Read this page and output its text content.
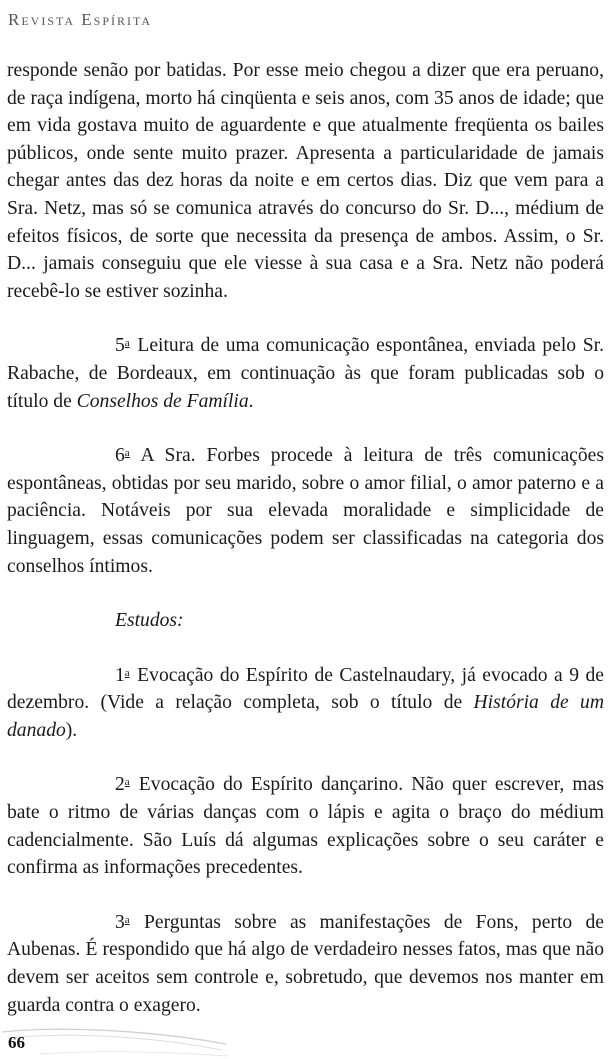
Revista Espírita

responde senão por batidas. Por esse meio chegou a dizer que era peruano, de raça indígena, morto há cinqüenta e seis anos, com 35 anos de idade; que em vida gostava muito de aguardente e que atualmente freqüenta os bailes públicos, onde sente muito prazer. Apresenta a particularidade de jamais chegar antes das dez horas da noite e em certos dias. Diz que vem para a Sra. Netz, mas só se comunica através do concurso do Sr. D..., médium de efeitos físicos, de sorte que necessita da presença de ambos. Assim, o Sr. D... jamais conseguiu que ele viesse à sua casa e a Sra. Netz não poderá recebê-lo se estiver sozinha.

5$^a$ Leitura de uma comunicação espontânea, enviada pelo Sr. Rabache, de Bordeaux, em continuação às que foram publicadas sob o título de Conselhos de Família.

6$^a$ A Sra. Forbes procede à leitura de três comunicações espontâneas, obtidas por seu marido, sobre o amor filial, o amor paterno e a paciência. Notáveis por sua elevada moralidade e simplicidade de linguagem, essas comunicações podem ser classificadas na categoria dos conselhos íntimos.

Estudos:

1$^a$ Evocação do Espírito de Castelnaudary, já evocado a 9 de dezembro. (Vide a relação completa, sob o título de História de um danado).

2$^a$ Evocação do Espírito dançarino. Não quer escrever, mas bate o ritmo de várias danças com o lápis e agita o braço do médium cadencialmente. São Luís dá algumas explicações sobre o seu caráter e confirma as informações precedentes.

3$^a$ Perguntas sobre as manifestações de Fons, perto de Aubenas. É respondido que há algo de verdadeiro nesses fatos, mas que não devem ser aceitos sem controle e, sobretudo, que devemos nos manter em guarda contra o exagero.

66
